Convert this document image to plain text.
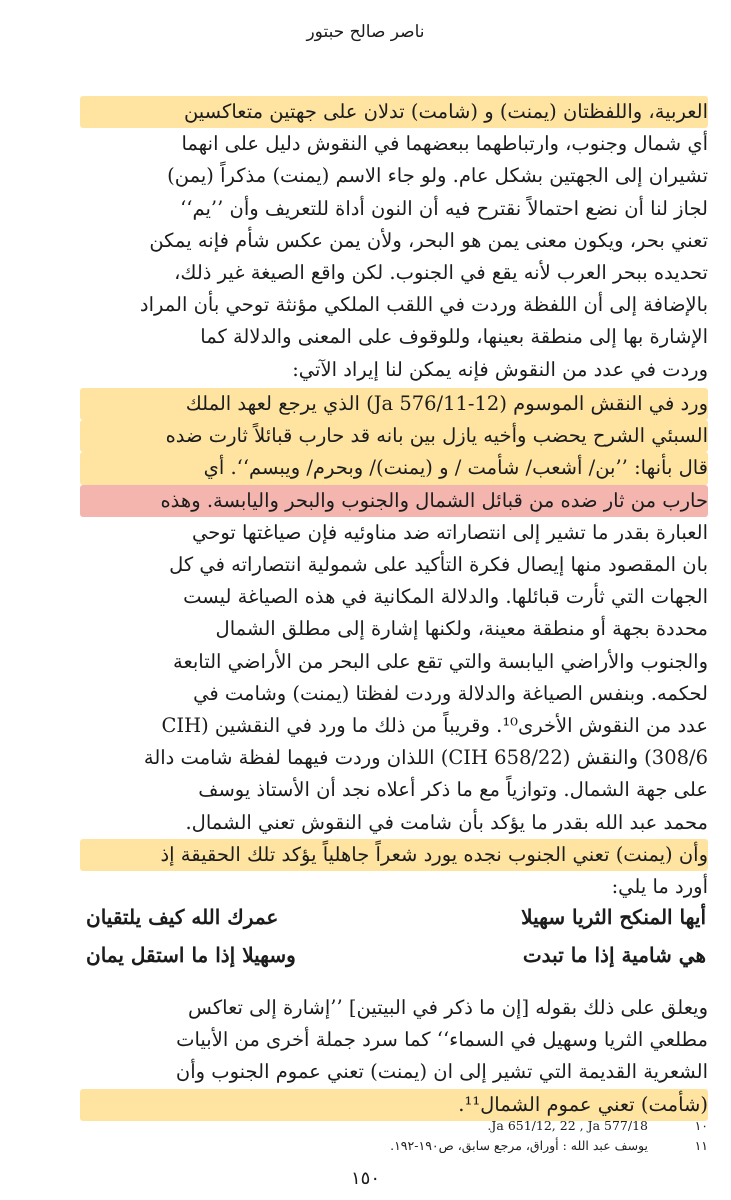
ناصر صالح حبتور
العربية، واللفظتان (يمنت) و (شامت) تدلان على جهتين متعاكسين
أي شمال وجنوب، وارتباطهما ببعضهما في النقوش دليل على انهما
تشيران إلى الجهتين بشكل عام. ولو جاء الاسم (يمنت) مذكراً (يمن)
لجاز لنا أن نضع احتمالاً نقترح فيه أن النون أداة للتعريف وأن ’’يم‘‘
تعني بحر، ويكون معنى يمن هو البحر، ولأن يمن عكس شأم فإنه يمكن
تحديده ببحر العرب لأنه يقع في الجنوب. لكن واقع الصيغة غير ذلك،
بالإضافة إلى أن اللفظة وردت في اللقب الملكي مؤنثة توحي بأن المراد
الإشارة بها إلى منطقة بعينها، وللوقوف على المعنى والدلالة كما
وردت في عدد من النقوش فإنه يمكن لنا إيراد الآتي:
ورد في النقش الموسوم (Ja 576/11-12) الذي يرجع لعهد الملك
السبئي الشرح يحضب وأخيه يازل بين بانه قد حارب قبائلاً ثارت ضده
قال بأنها: ’’بن/ أشعب/ شأمت / و (يمنت)/ وبحرم/ ويبسم‘‘. أي
حارب من ثار ضده من قبائل الشمال والجنوب والبحر واليابسة. وهذه
العبارة بقدر ما تشير إلى انتصاراته ضد مناوئيه فإن صياغتها توحي
بان المقصود منها إيصال فكرة التأكيد على شمولية انتصاراته في كل
الجهات التي ثأرت قبائلها. والدلالة المكانية في هذه الصياغة ليست
محددة بجهة أو منطقة معينة، ولكنها إشارة إلى مطلق الشمال
والجنوب والأراضي اليابسة والتي تقع على البحر من الأراضي التابعة
لحكمه. وبنفس الصياغة والدلالة وردت لفظتا (يمنت) وشامت في
عدد من النقوش الأخرى¹⁰. وقريباً من ذلك ما ورد في النقشين (CIH
308/6) والنقش (CIH 658/22) اللذان وردت فيهما لفظة شامت دالة
على جهة الشمال. وتوازياً مع ما ذكر أعلاه نجد أن الأستاذ يوسف
محمد عبد الله بقدر ما يؤكد بأن شامت في النقوش تعني الشمال.
وأن (يمنت) تعني الجنوب نجده يورد شعراً جاهلياً يؤكد تلك الحقيقة إذ
أورد ما يلي:
أيها المنكح الثريا سهيلا
عمرك الله كيف يلتقيان
هي شامية إذا ما تبدت
وسهيلا إذا ما استقل يمان
ويعلق على ذلك بقوله [إن ما ذكر في البيتين] ’’إشارة إلى تعاكس
مطلعي الثريا وسهيل في السماء‘‘ كما سرد جملة أخرى من الأبيات
الشعرية القديمة التي تشير إلى ان (يمنت) تعني عموم الجنوب وأن
(شأمت) تعني عموم الشمال¹¹.
١٠
Ja 651/12, 22 , Ja 577/18.
١١
يوسف عبد الله : أوراق، مرجع سابق، ص١٩٠-١٩٢.
١٥٠
